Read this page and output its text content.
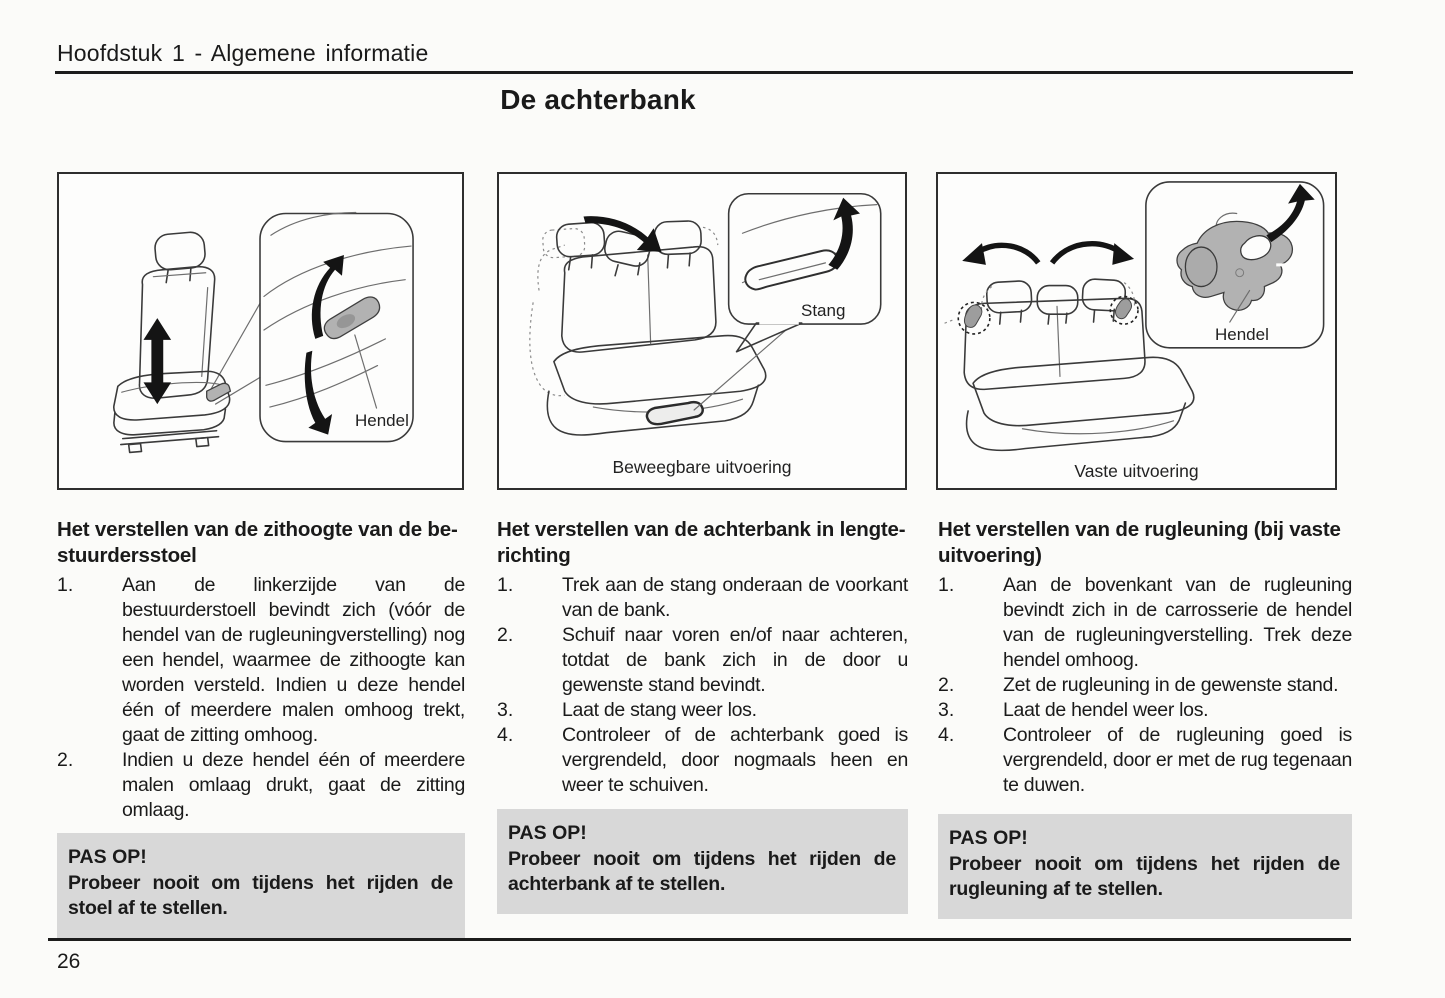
Hoofdstuk 1 - Algemene informatie
De achterbank
Hendel
Stang
Beweegbare uitvoering
Hendel
Vaste uitvoering
Het verstellen van de zithoogte van de bestuurdersstoel
1.	Aan de linkerzijde van de bestuurderstoell bevindt zich (vóór de hendel van de rugleuningverstelling) nog een hendel, waarmee de zithoogte kan worden versteld. Indien u deze hendel één of meerdere malen omhoog trekt, gaat de zitting omhoog.
2.	Indien u deze hendel één of meerdere malen omlaag drukt, gaat de zitting omlaag.
PAS OP!
Probeer nooit om tijdens het rijden de stoel af te stellen.
Het verstellen van de achterbank in lengterichting
1.	Trek aan de stang onderaan de voorkant van de bank.
2.	Schuif naar voren en/of naar achteren, totdat de bank zich in de door u gewenste stand bevindt.
3.	Laat de stang weer los.
4.	Controleer of de achterbank goed is vergrendeld, door nogmaals heen en weer te schuiven.
PAS OP!
Probeer nooit om tijdens het rijden de achterbank af te stellen.
Het verstellen van de rugleuning (bij vaste uitvoering)
1.	Aan de bovenkant van de rugleuning bevindt zich in de carrosserie de hendel van de rugleuningverstelling. Trek deze hendel omhoog.
2.	Zet de rugleuning in de gewenste stand.
3.	Laat de hendel weer los.
4.	Controleer of de rugleuning goed is vergrendeld, door er met de rug tegenaan te duwen.
PAS OP!
Probeer nooit om tijdens het rijden de rugleuning af te stellen.
26
